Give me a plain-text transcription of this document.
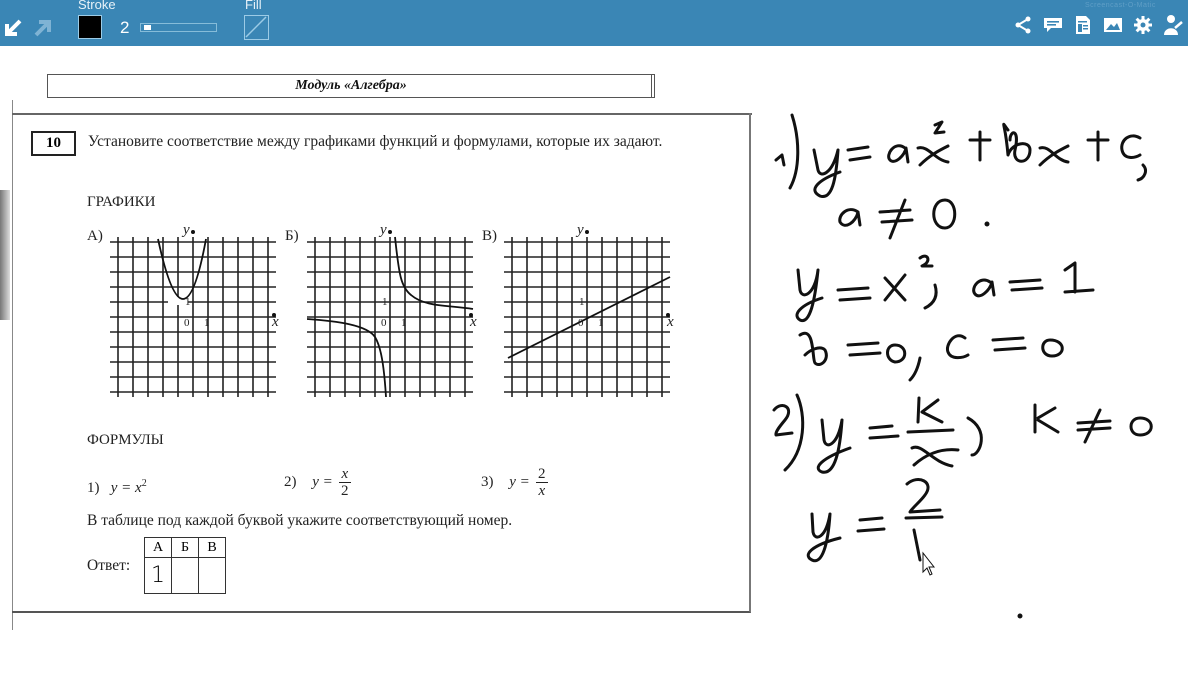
Stroke
2
Fill	Screencast-O-Matic
Модуль «Алгебра»
10	Установите соответствие между графиками функций и формулами, которые их задают.
ГРАФИКИ
А)	Б)	В)
y
x
0 1
1
y
x
0 1
1
y
x
0 1
1
ФОРМУЛЫ
1) $y = x^2$	2)
$y = \frac{x}{2}$	3)
$y = \frac{2}{x}$
В таблице под каждой буквой укажите соответствующий номер.
Ответ:
А	Б	В
1		
